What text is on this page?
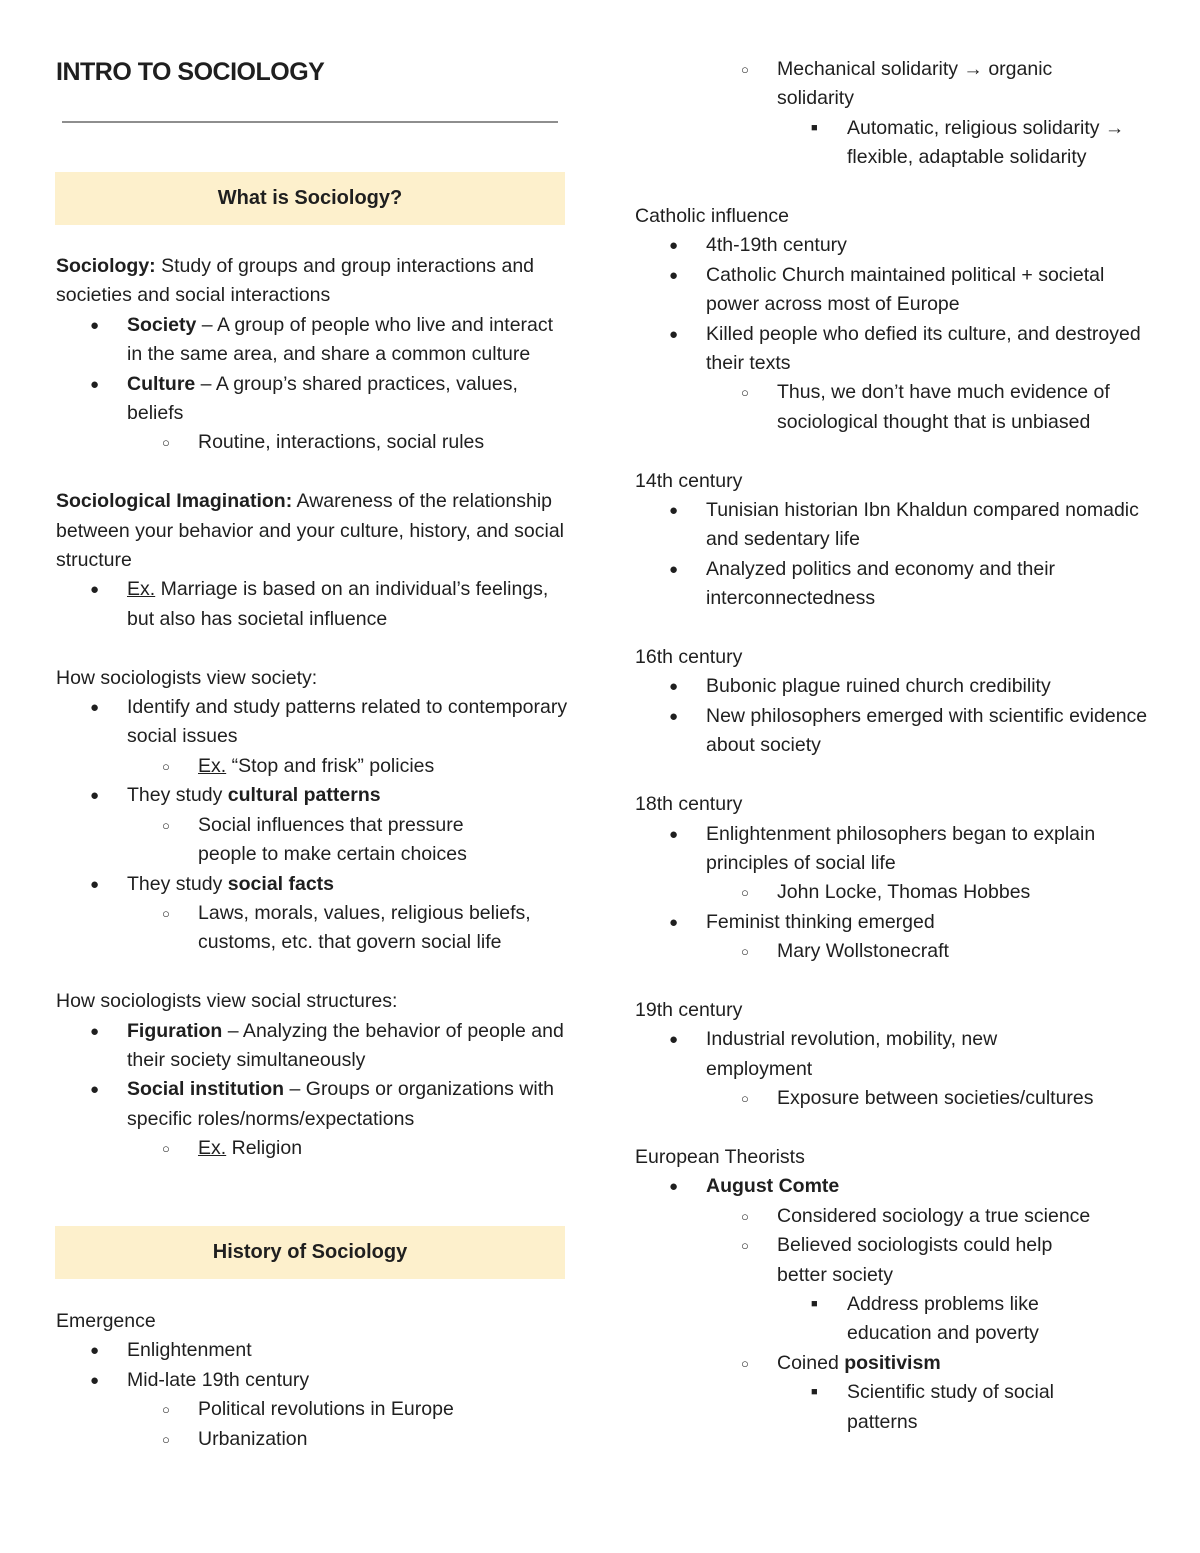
INTRO TO SOCIOLOGY
What is Sociology?

Sociology: Study of groups and group interactions and societies and social interactions

● Society – A group of people who live and interact in the same area, and share a common culture
● Culture – A group’s shared practices, values, beliefs
○ Routine, interactions, social rules

Sociological Imagination: Awareness of the relationship between your behavior and your culture, history, and social structure

● Ex. Marriage is based on an individual’s feelings, but also has societal influence

How sociologists view society:

● Identify and study patterns related to contemporary social issues
○ Ex. “Stop and frisk” policies
● They study cultural patterns
○ Social influences that pressure people to make certain choices
● They study social facts
○ Laws, morals, values, religious beliefs, customs, etc. that govern social life

How sociologists view social structures:

● Figuration – Analyzing the behavior of people and their society simultaneously
● Social institution – Groups or organizations with specific roles/norms/expectations
○ Ex. Religion
History of Sociology

Emergence

● Enlightenment
● Mid-late 19th century
○ Political revolutions in Europe
○ Urbanization
○ Mechanical solidarity → organic solidarity
■ Automatic, religious solidarity → flexible, adaptable solidarity

Catholic influence

● 4th-19th century
● Catholic Church maintained political + societal power across most of Europe
● Killed people who defied its culture, and destroyed their texts
○ Thus, we don’t have much evidence of sociological thought that is unbiased

14th century

● Tunisian historian Ibn Khaldun compared nomadic and sedentary life
● Analyzed politics and economy and their interconnectedness

16th century

● Bubonic plague ruined church credibility
● New philosophers emerged with scientific evidence about society

18th century

● Enlightenment philosophers began to explain principles of social life
○ John Locke, Thomas Hobbes
● Feminist thinking emerged
○ Mary Wollstonecraft

19th century

● Industrial revolution, mobility, new employment
○ Exposure between societies/cultures

European Theorists

● August Comte
○ Considered sociology a true science
○ Believed sociologists could help better society
■ Address problems like education and poverty
○ Coined positivism
■ Scientific study of social patterns
